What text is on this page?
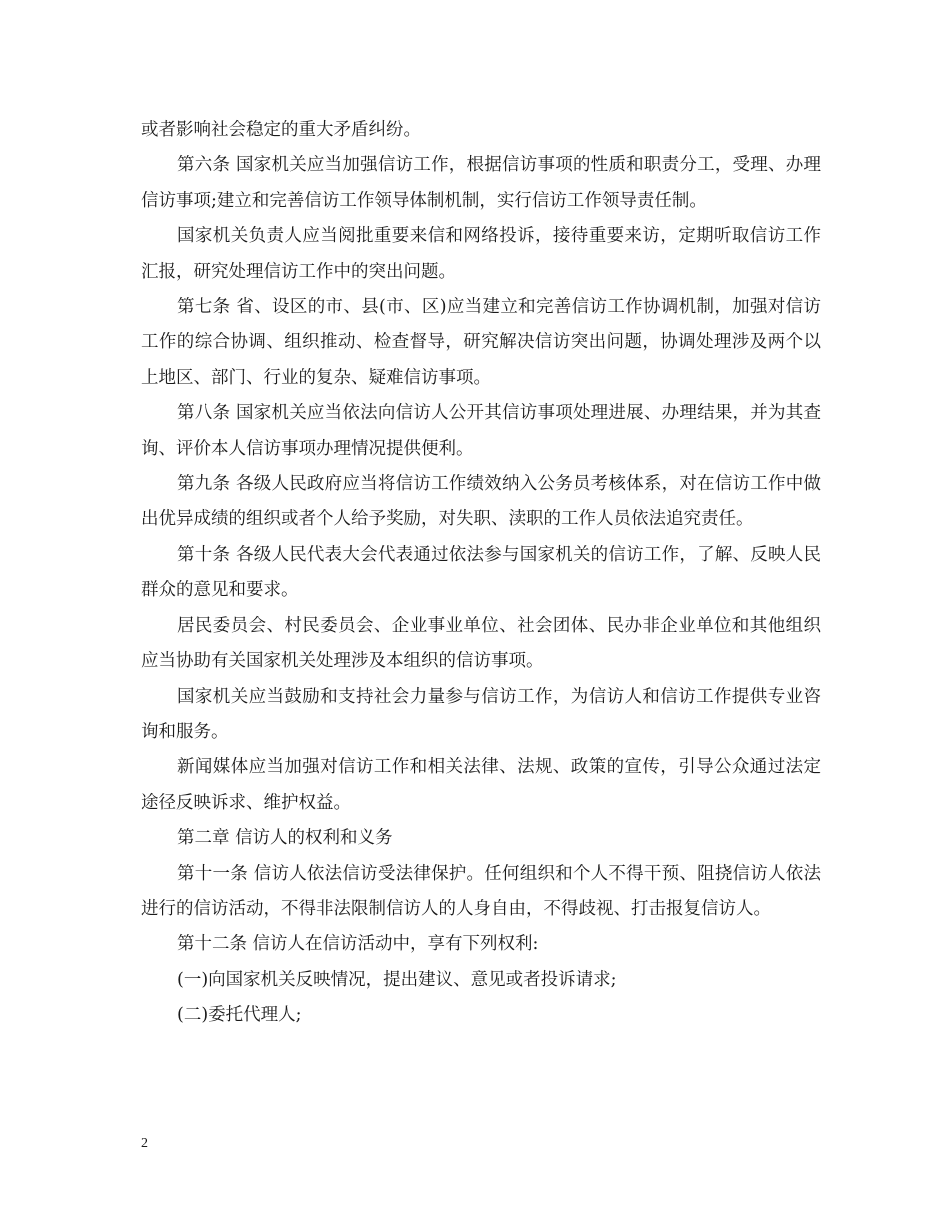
或者影响社会稳定的重大矛盾纠纷。

第六条 国家机关应当加强信访工作，根据信访事项的性质和职责分工，受理、办理信访事项;建立和完善信访工作领导体制机制，实行信访工作领导责任制。

国家机关负责人应当阅批重要来信和网络投诉，接待重要来访，定期听取信访工作汇报，研究处理信访工作中的突出问题。

第七条 省、设区的市、县(市、区)应当建立和完善信访工作协调机制，加强对信访工作的综合协调、组织推动、检查督导，研究解决信访突出问题，协调处理涉及两个以上地区、部门、行业的复杂、疑难信访事项。

第八条 国家机关应当依法向信访人公开其信访事项处理进展、办理结果，并为其查询、评价本人信访事项办理情况提供便利。

第九条 各级人民政府应当将信访工作绩效纳入公务员考核体系，对在信访工作中做出优异成绩的组织或者个人给予奖励，对失职、渎职的工作人员依法追究责任。

第十条 各级人民代表大会代表通过依法参与国家机关的信访工作，了解、反映人民群众的意见和要求。

居民委员会、村民委员会、企业事业单位、社会团体、民办非企业单位和其他组织应当协助有关国家机关处理涉及本组织的信访事项。

国家机关应当鼓励和支持社会力量参与信访工作，为信访人和信访工作提供专业咨询和服务。

新闻媒体应当加强对信访工作和相关法律、法规、政策的宣传，引导公众通过法定途径反映诉求、维护权益。

第二章 信访人的权利和义务

第十一条 信访人依法信访受法律保护。任何组织和个人不得干预、阻挠信访人依法进行的信访活动，不得非法限制信访人的人身自由，不得歧视、打击报复信访人。

第十二条 信访人在信访活动中，享有下列权利:

(一)向国家机关反映情况，提出建议、意见或者投诉请求;

(二)委托代理人;

2
